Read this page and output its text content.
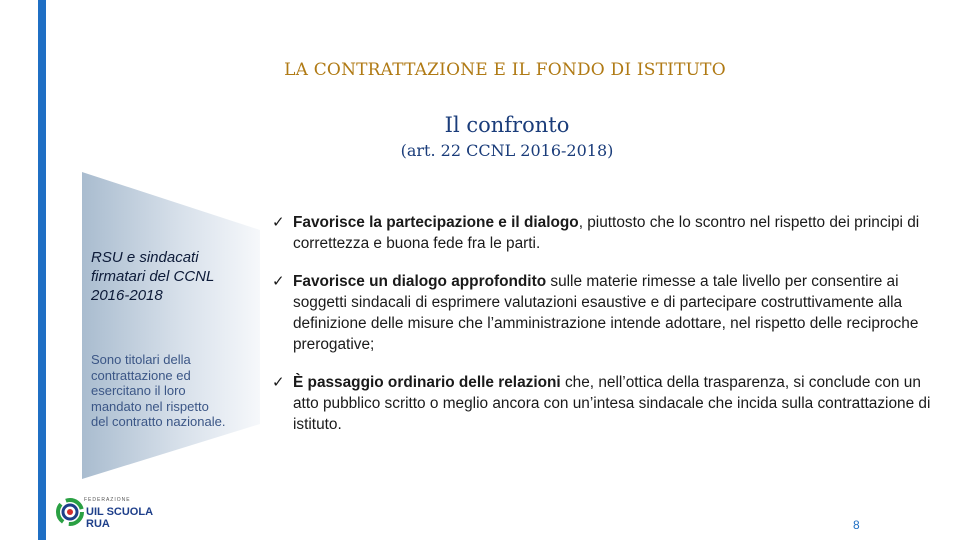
LA CONTRATTAZIONE E IL FONDO DI ISTITUTO
Il confronto
(art. 22 CCNL 2016-2018)
RSU e sindacati firmatari del CCNL 2016-2018
Sono titolari della contrattazione ed esercitano il loro mandato nel rispetto del contratto nazionale.
✓ Favorisce la partecipazione e il dialogo, piuttosto che lo scontro nel rispetto dei principi di correttezza e buona fede fra le parti.
✓ Favorisce un dialogo approfondito sulle materie rimesse a tale livello per consentire ai soggetti sindacali di esprimere valutazioni esaustive e di partecipare costruttivamente alla definizione delle misure che l’amministrazione intende adottare, nel rispetto delle reciproche prerogative;
✓ È passaggio ordinario delle relazioni che, nell’ottica della trasparenza, si conclude con un atto pubblico scritto o meglio ancora con un’intesa sindacale che incida sulla contrattazione di istituto.
FEDERAZIONE
UIL SCUOLA RUA	8
